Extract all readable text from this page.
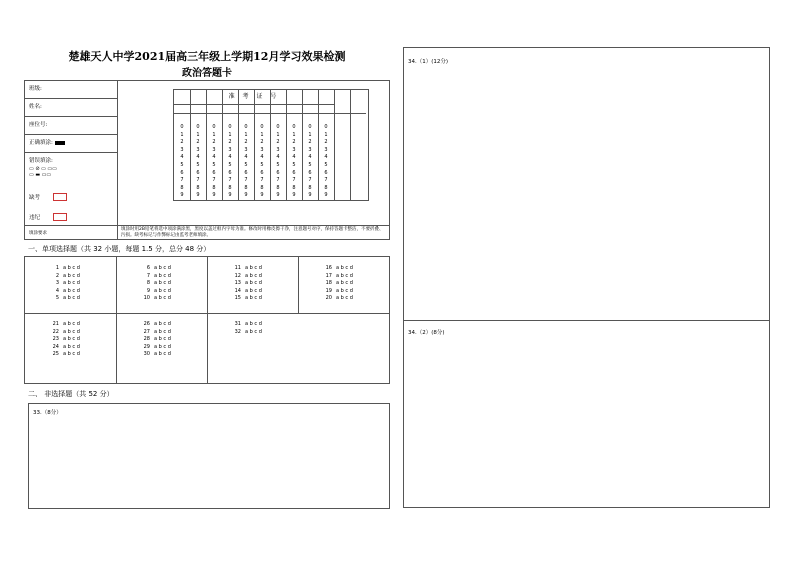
楚雄天人中学2021届高三年级上学期12月学习效果检测
政治答题卡
班级:
姓名:
座位号:
正确填涂:
错误填涂:
▭ ⊘ ▭ ▭▭
▭ ▬ ▭▭
缺考
违纪
准 考 证 号
0
1
2
3
4
5
6
7
8
9
0
1
2
3
4
5
6
7
8
9
0
1
2
3
4
5
6
7
8
9
0
1
2
3
4
5
6
7
8
9
0
1
2
3
4
5
6
7
8
9
0
1
2
3
4
5
6
7
8
9
0
1
2
3
4
5
6
7
8
9
0
1
2
3
4
5
6
7
8
9
0
1
2
3
4
5
6
7
8
9
0
1
2
3
4
5
6
7
8
9
填涂要求
填涂时用2B铅笔将选中项涂满涂黑，黑度以盖过框内字母为准。修改时用橡皮擦干净，注意题号对序，保持答题卡整洁，不要折叠、污损。缺考标记与作弊标记由监考老师填涂。
一、单项选择题（共 32 小题，每题 1.5 分，总分 48 分）
1 a b c d
2 a b c d
3 a b c d
4 a b c d
5 a b c d
6 a b c d
7 a b c d
8 a b c d
9 a b c d
10 a b c d
11 a b c d
12 a b c d
13 a b c d
14 a b c d
15 a b c d
16 a b c d
17 a b c d
18 a b c d
19 a b c d
20 a b c d
21 a b c d
22 a b c d
23 a b c d
24 a b c d
25 a b c d
26 a b c d
27 a b c d
28 a b c d
29 a b c d
30 a b c d
31 a b c d
32 a b c d
二、 非选择题（共 52 分）
33.（8分）
34.（1）(12分)
34.（2）(8分)
